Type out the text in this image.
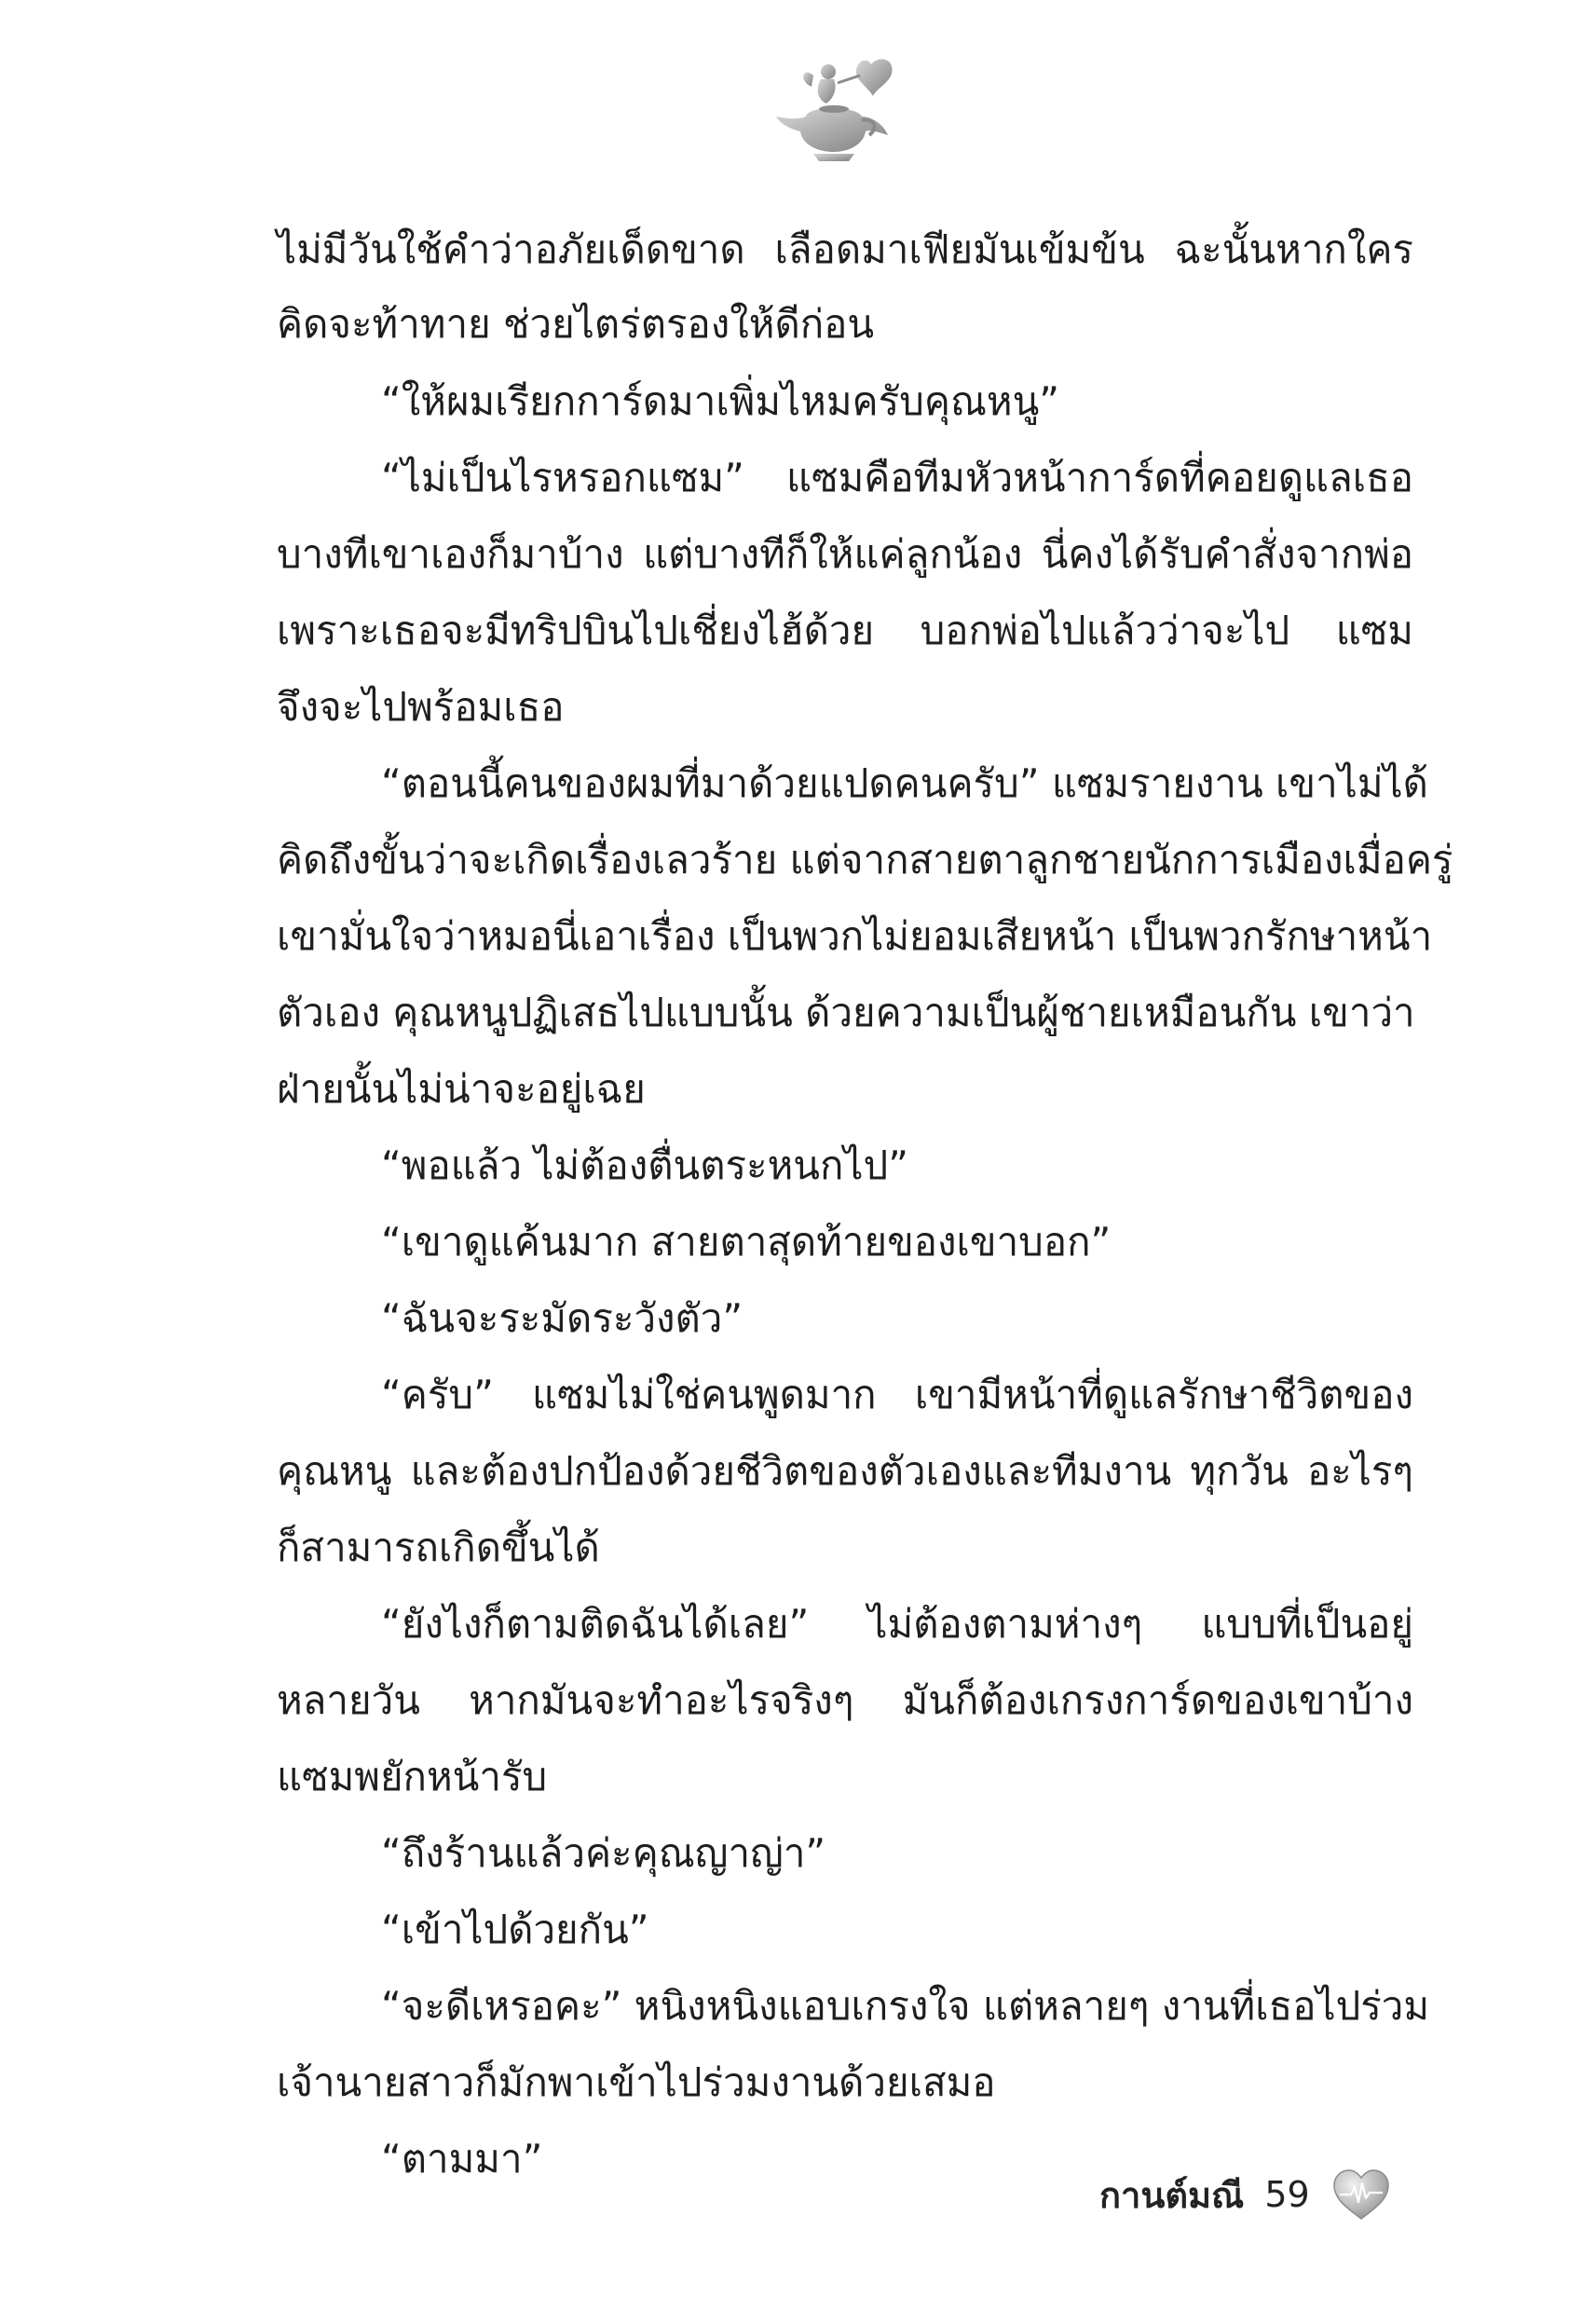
ไม่มีวันใช้คำว่าอภัยเด็ดขาด เลือดมาเฟียมันเข้มข้น ฉะนั้นหากใคร
คิดจะท้าทาย ช่วยไตร่ตรองให้ดีก่อน
“ให้ผมเรียกการ์ดมาเพิ่มไหมครับคุณหนู”
“ไม่เป็นไรหรอกแซม” แซมคือทีมหัวหน้าการ์ดที่คอยดูแลเธอ
บางทีเขาเองก็มาบ้าง แต่บางทีก็ให้แค่ลูกน้อง นี่คงได้รับคำสั่งจากพ่อ
เพราะเธอจะมีทริปบินไปเชี่ยงไฮ้ด้วย บอกพ่อไปแล้วว่าจะไป แซม
จึงจะไปพร้อมเธอ
“ตอนนี้คนของผมที่มาด้วยแปดคนครับ” แซมรายงาน เขาไม่ได้
คิดถึงขั้นว่าจะเกิดเรื่องเลวร้าย แต่จากสายตาลูกชายนักการเมืองเมื่อครู่
เขามั่นใจว่าหมอนี่เอาเรื่อง เป็นพวกไม่ยอมเสียหน้า เป็นพวกรักษาหน้า
ตัวเอง คุณหนูปฏิเสธไปแบบนั้น ด้วยความเป็นผู้ชายเหมือนกัน เขาว่า
ฝ่ายนั้นไม่น่าจะอยู่เฉย
“พอแล้ว ไม่ต้องตื่นตระหนกไป”
“เขาดูแค้นมาก สายตาสุดท้ายของเขาบอก”
“ฉันจะระมัดระวังตัว”
“ครับ” แซมไม่ใช่คนพูดมาก เขามีหน้าที่ดูแลรักษาชีวิตของ
คุณหนู และต้องปกป้องด้วยชีวิตของตัวเองและทีมงาน ทุกวัน อะไรๆ
ก็สามารถเกิดขึ้นได้
“ยังไงก็ตามติดฉันได้เลย” ไม่ต้องตามห่างๆ แบบที่เป็นอยู่
หลายวัน หากมันจะทำอะไรจริงๆ มันก็ต้องเกรงการ์ดของเขาบ้าง
แซมพยักหน้ารับ
“ถึงร้านแล้วค่ะคุณญาญ่า”
“เข้าไปด้วยกัน”
“จะดีเหรอคะ” หนิงหนิงแอบเกรงใจ แต่หลายๆ งานที่เธอไปร่วม
เจ้านายสาวก็มักพาเข้าไปร่วมงานด้วยเสมอ
“ตามมา”
กานต์มณี 59
